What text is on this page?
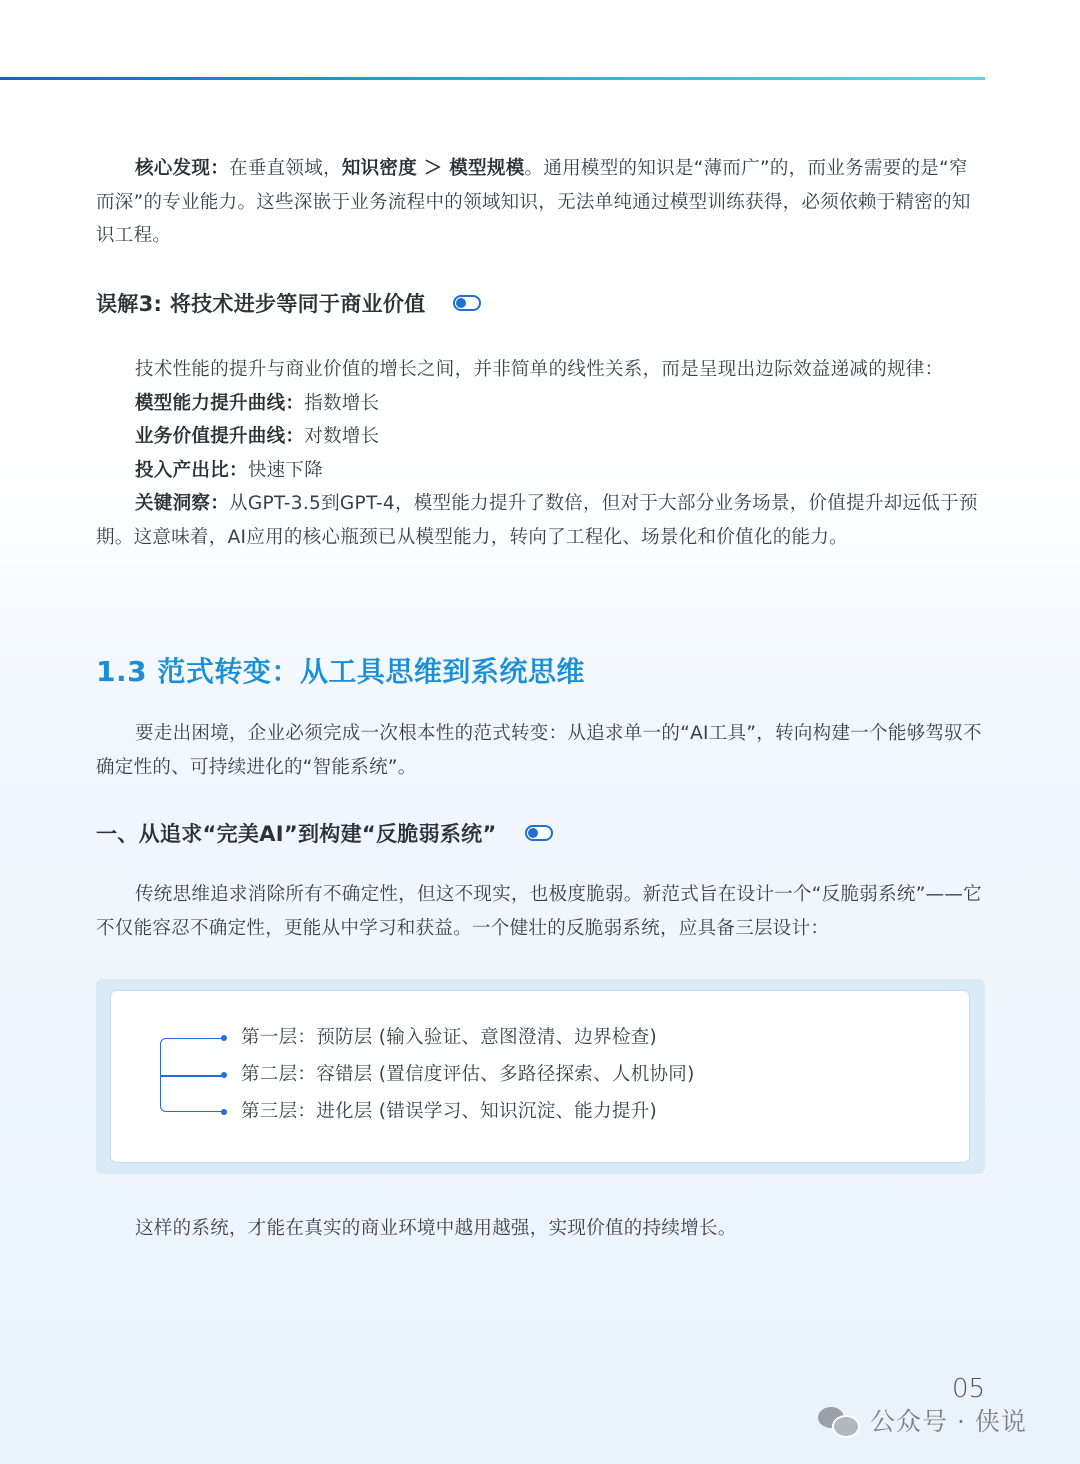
核心发现：在垂直领域，知识密度 ＞ 模型规模。通用模型的知识是“薄而广”的，而业务需要的是“窄而深”的专业能力。这些深嵌于业务流程中的领域知识，无法单纯通过模型训练获得，必须依赖于精密的知识工程。

误解3: 将技术进步等同于商业价值
技术性能的提升与商业价值的增长之间，并非简单的线性关系，而是呈现出边际效益递减的规律：
模型能力提升曲线：指数增长
业务价值提升曲线：对数增长
投入产出比：快速下降
关键洞察：从GPT-3.5到GPT-4，模型能力提升了数倍，但对于大部分业务场景，价值提升却远低于预期。这意味着，AI应用的核心瓶颈已从模型能力，转向了工程化、场景化和价值化的能力。
1.3 范式转变：从工具思维到系统思维

要走出困境，企业必须完成一次根本性的范式转变：从追求单一的“AI工具”，转向构建一个能够驾驭不确定性的、可持续进化的“智能系统”。

一、从追求“完美AI”到构建“反脆弱系统”

传统思维追求消除所有不确定性，但这不现实，也极度脆弱。新范式旨在设计一个“反脆弱系统”——它不仅能容忍不确定性，更能从中学习和获益。一个健壮的反脆弱系统，应具备三层设计：

第一层：预防层 (输入验证、意图澄清、边界检查)
第二层：容错层 (置信度评估、多路径探索、人机协同)
第三层：进化层 (错误学习、知识沉淀、能力提升)

这样的系统，才能在真实的商业环境中越用越强，实现价值的持续增长。

05
公众号 · 侠说
